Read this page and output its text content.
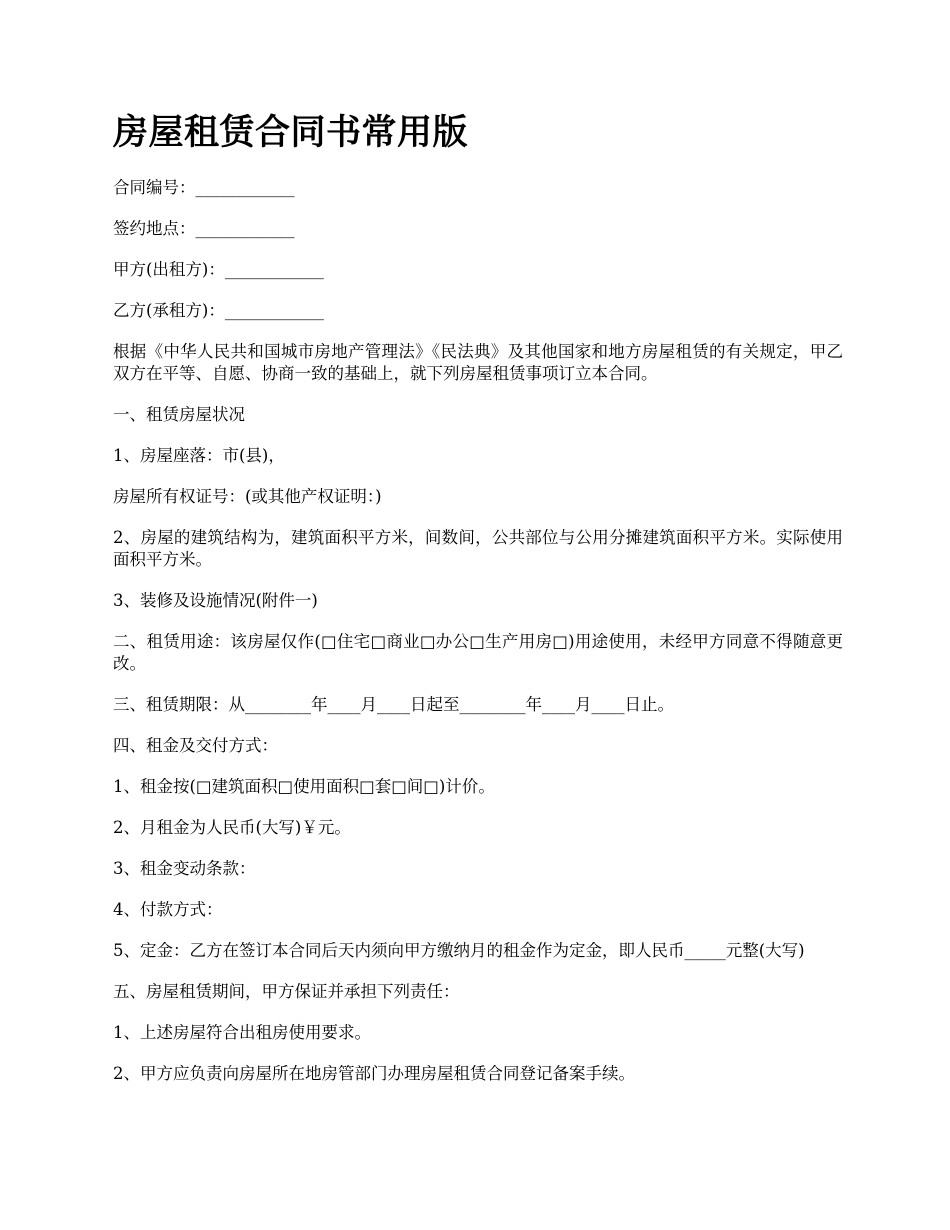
房屋租赁合同书常用版

合同编号：____________

签约地点：____________

甲方(出租方)：____________

乙方(承租方)：____________

根据《中华人民共和国城市房地产管理法》《民法典》及其他国家和地方房屋租赁的有关规定，甲乙双方在平等、自愿、协商一致的基础上，就下列房屋租赁事项订立本合同。

一、租赁房屋状况

1、房屋座落：市(县)，

房屋所有权证号：(或其他产权证明：)

2、房屋的建筑结构为，建筑面积平方米，间数间，公共部位与公用分摊建筑面积平方米。实际使用面积平方米。

3、装修及设施情况(附件一)

二、租赁用途：该房屋仅作(□住宅□商业□办公□生产用房□)用途使用，未经甲方同意不得随意更改。

三、租赁期限：从________年____月____日起至________年____月____日止。

四、租金及交付方式：

1、租金按(□建筑面积□使用面积□套□间□)计价。

2、月租金为人民币(大写)￥元。

3、租金变动条款：

4、付款方式：

5、定金：乙方在签订本合同后天内须向甲方缴纳月的租金作为定金，即人民币_____元整(大写)

五、房屋租赁期间，甲方保证并承担下列责任：

1、上述房屋符合出租房使用要求。

2、甲方应负责向房屋所在地房管部门办理房屋租赁合同登记备案手续。
